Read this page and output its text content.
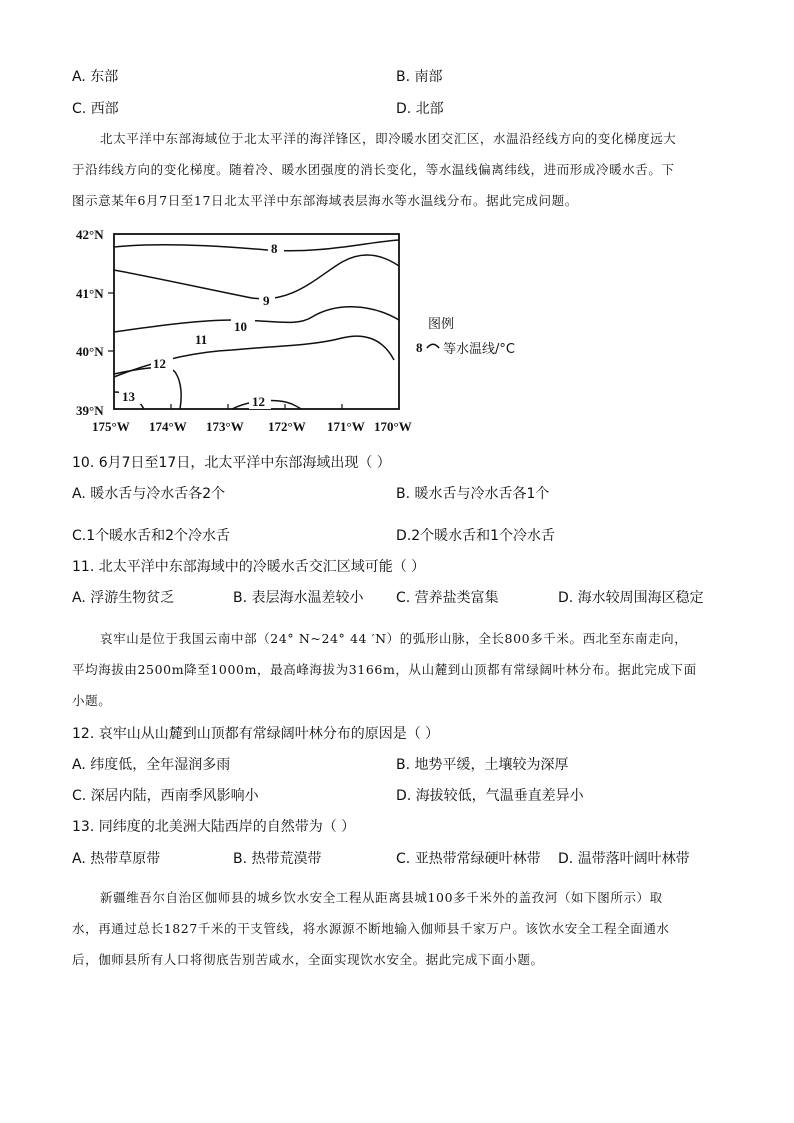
A. 东部	B. 南部
C. 西部	D. 北部
北太平洋中东部海域位于北太平洋的海洋锋区，即冷暖水团交汇区，水温沿经线方向的变化梯度远大
于沿纬线方向的变化梯度。随着冷、暖水团强度的消长变化，等水温线偏离纬线，进而形成冷暖水舌。下
图示意某年6月7日至17日北太平洋中东部海域表层海水等水温线分布。据此完成问题。
8
9
10
11
12
13	12
42°N
41°N
40°N
39°N
175°W 174°W 173°W 172°W 171°W 170°W
图例
8 等水温线/°C
10. 6月7日至17日，北太平洋中东部海域出现（ ）
A. 暖水舌与冷水舌各2个	B. 暖水舌与冷水舌各1个
C.1个暖水舌和2个冷水舌	D.2个暖水舌和1个冷水舌
11. 北太平洋中东部海域中的冷暖水舌交汇区域可能（ ）
A. 浮游生物贫乏	B. 表层海水温差较小 C. 营养盐类富集	D. 海水较周围海区稳定
哀牢山是位于我国云南中部（24° N~24° 44 ′N）的弧形山脉，全长800多千米。西北至东南走向，
平均海拔由2500m降至1000m，最高峰海拔为3166m，从山麓到山顶都有常绿阔叶林分布。据此完成下面
小题。
12. 哀牢山从山麓到山顶都有常绿阔叶林分布的原因是（ ）
A. 纬度低，全年湿润多雨	B. 地势平缓，土壤较为深厚
C. 深居内陆，西南季风影响小	D. 海拔较低，气温垂直差异小
13. 同纬度的北美洲大陆西岸的自然带为（ ）
A. 热带草原带	B. 热带荒漠带	C. 亚热带常绿硬叶林带 D. 温带落叶阔叶林带
新疆维吾尔自治区伽师县的城乡饮水安全工程从距离县城100多千米外的盖孜河（如下图所示）取
水，再通过总长1827千米的干支管线，将水源源不断地输入伽师县千家万户。该饮水安全工程全面通水
后，伽师县所有人口将彻底告别苦咸水，全面实现饮水安全。据此完成下面小题。
